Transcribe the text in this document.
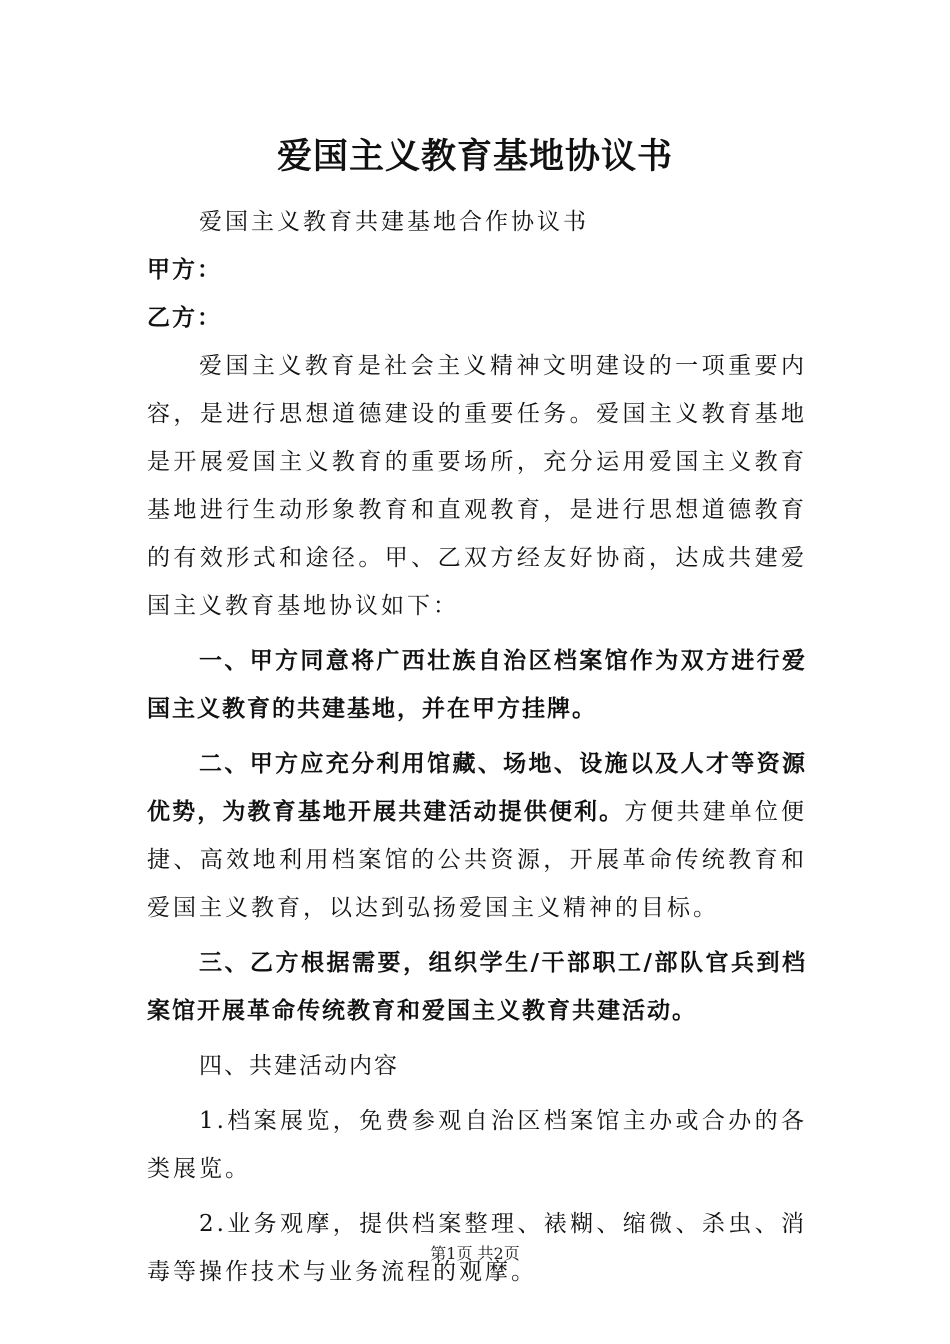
爱国主义教育基地协议书

爱国主义教育共建基地合作协议书

甲方：

乙方：

爱国主义教育是社会主义精神文明建设的一项重要内容，是进行思想道德建设的重要任务。爱国主义教育基地是开展爱国主义教育的重要场所，充分运用爱国主义教育基地进行生动形象教育和直观教育，是进行思想道德教育的有效形式和途径。甲、乙双方经友好协商，达成共建爱国主义教育基地协议如下：

一、甲方同意将广西壮族自治区档案馆作为双方进行爱国主义教育的共建基地，并在甲方挂牌。

二、甲方应充分利用馆藏、场地、设施以及人才等资源优势，为教育基地开展共建活动提供便利。方便共建单位便捷、高效地利用档案馆的公共资源，开展革命传统教育和爱国主义教育，以达到弘扬爱国主义精神的目标。

三、乙方根据需要，组织学生/干部职工/部队官兵到档案馆开展革命传统教育和爱国主义教育共建活动。

四、共建活动内容

1.档案展览，免费参观自治区档案馆主办或合办的各类展览。

2.业务观摩，提供档案整理、裱糊、缩微、杀虫、消毒等操作技术与业务流程的观摩。

第1页 共2页
